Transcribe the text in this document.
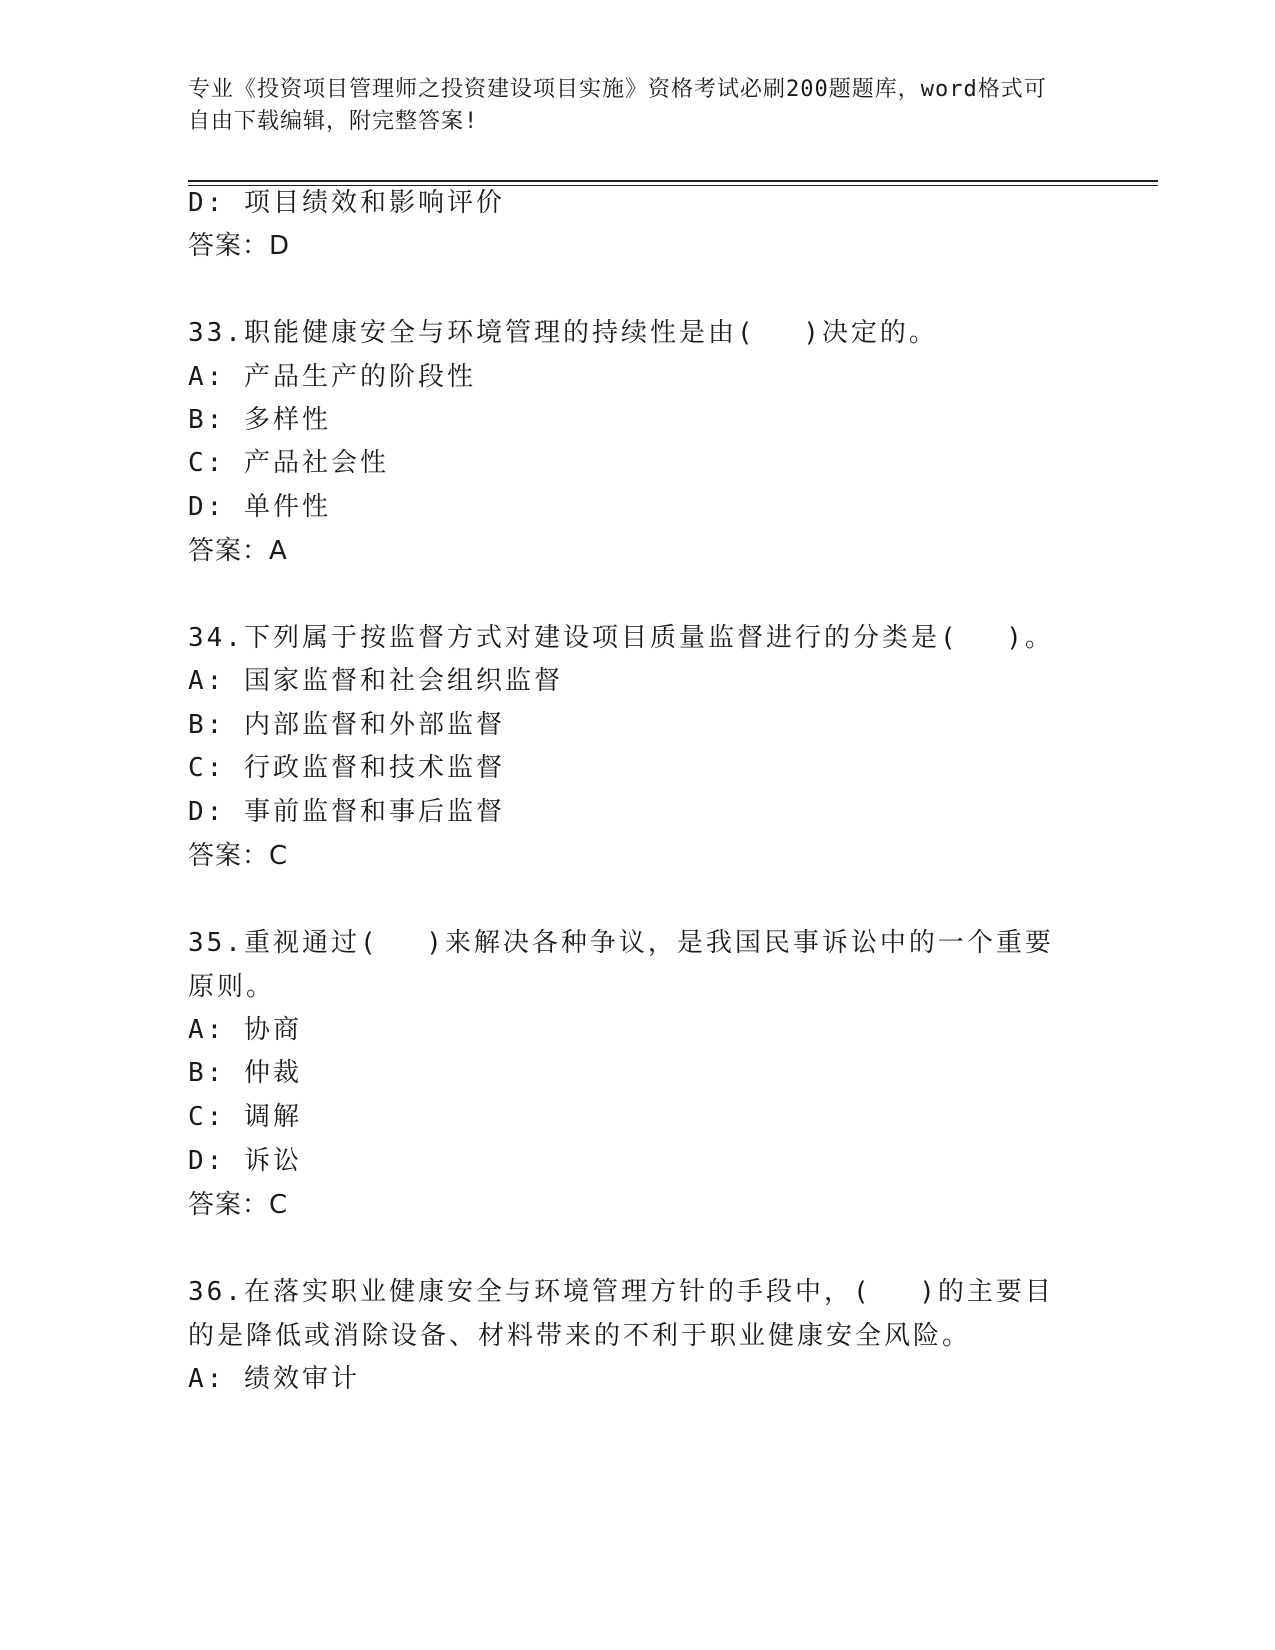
专业《投资项目管理师之投资建设项目实施》资格考试必刷200题题库，word格式可自由下载编辑，附完整答案!
D: 项目绩效和影响评价
答案：D
33.职能健康安全与环境管理的持续性是由(　 )决定的。
A: 产品生产的阶段性
B: 多样性
C: 产品社会性
D: 单件性
答案：A
34.下列属于按监督方式对建设项目质量监督进行的分类是(　 )。
A: 国家监督和社会组织监督
B: 内部监督和外部监督
C: 行政监督和技术监督
D: 事前监督和事后监督
答案：C
35.重视通过(　 )来解决各种争议，是我国民事诉讼中的一个重要原则。
A: 协商
B: 仲裁
C: 调解
D: 诉讼
答案：C
36.在落实职业健康安全与环境管理方针的手段中，(　 )的主要目的是降低或消除设备、材料带来的不利于职业健康安全风险。
A: 绩效审计
